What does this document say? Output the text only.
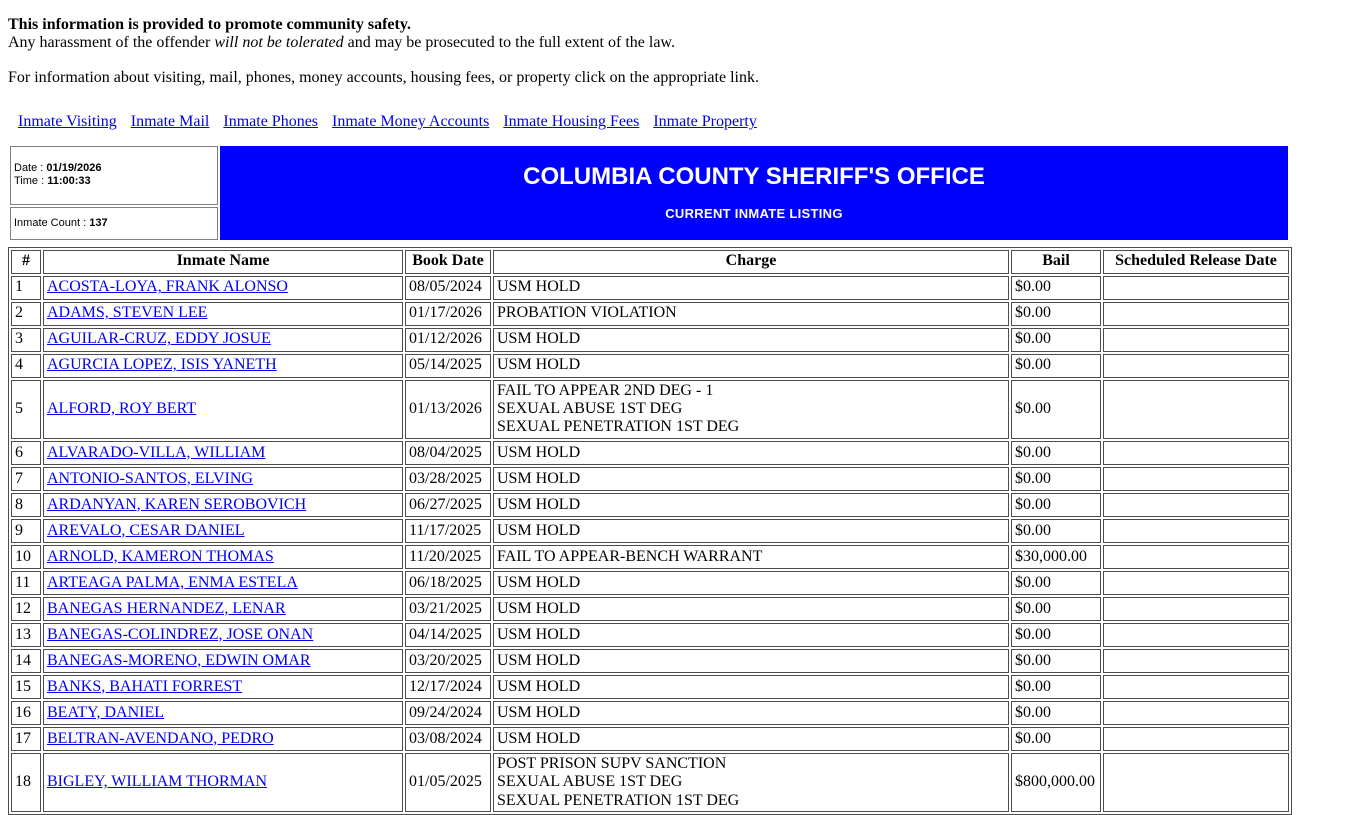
This information is provided to promote community safety.
Any harassment of the offender will not be tolerated and may be prosecuted to the full extent of the law.

For information about visiting, mail, phones, money accounts, housing fees, or property click on the appropriate link.

Inmate Visiting Inmate Mail Inmate Phones Inmate Money Accounts Inmate Housing Fees Inmate Property
Date : 01/19/2026
Time : 11:00:33	COLUMBIA COUNTY SHERIFF'S OFFICE
CURRENT INMATE LISTING

Inmate Count : 137
#	Inmate Name	Book Date	Charge	Bail	Scheduled Release Date
1	ACOSTA-LOYA, FRANK ALONSO	08/05/2024	USM HOLD	$0.00	
2	ADAMS, STEVEN LEE	01/17/2026	PROBATION VIOLATION	$0.00	
3	AGUILAR-CRUZ, EDDY JOSUE	01/12/2026	USM HOLD	$0.00	
4	AGURCIA LOPEZ, ISIS YANETH	05/14/2025	USM HOLD	$0.00	
5	ALFORD, ROY BERT	01/13/2026	FAIL TO APPEAR 2ND DEG - 1
SEXUAL ABUSE 1ST DEG
SEXUAL PENETRATION 1ST DEG	$0.00	
6	ALVARADO-VILLA, WILLIAM	08/04/2025	USM HOLD	$0.00	
7	ANTONIO-SANTOS, ELVING	03/28/2025	USM HOLD	$0.00	
8	ARDANYAN, KAREN SEROBOVICH	06/27/2025	USM HOLD	$0.00	
9	AREVALO, CESAR DANIEL	11/17/2025	USM HOLD	$0.00	
10	ARNOLD, KAMERON THOMAS	11/20/2025	FAIL TO APPEAR-BENCH WARRANT	$30,000.00	
11	ARTEAGA PALMA, ENMA ESTELA	06/18/2025	USM HOLD	$0.00	
12	BANEGAS HERNANDEZ, LENAR	03/21/2025	USM HOLD	$0.00	
13	BANEGAS-COLINDREZ, JOSE ONAN	04/14/2025	USM HOLD	$0.00	
14	BANEGAS-MORENO, EDWIN OMAR	03/20/2025	USM HOLD	$0.00	
15	BANKS, BAHATI FORREST	12/17/2024	USM HOLD	$0.00	
16	BEATY, DANIEL	09/24/2024	USM HOLD	$0.00	
17	BELTRAN-AVENDANO, PEDRO	03/08/2024	USM HOLD	$0.00	
18	BIGLEY, WILLIAM THORMAN	01/05/2025	POST PRISON SUPV SANCTION
SEXUAL ABUSE 1ST DEG
SEXUAL PENETRATION 1ST DEG	$800,000.00	
